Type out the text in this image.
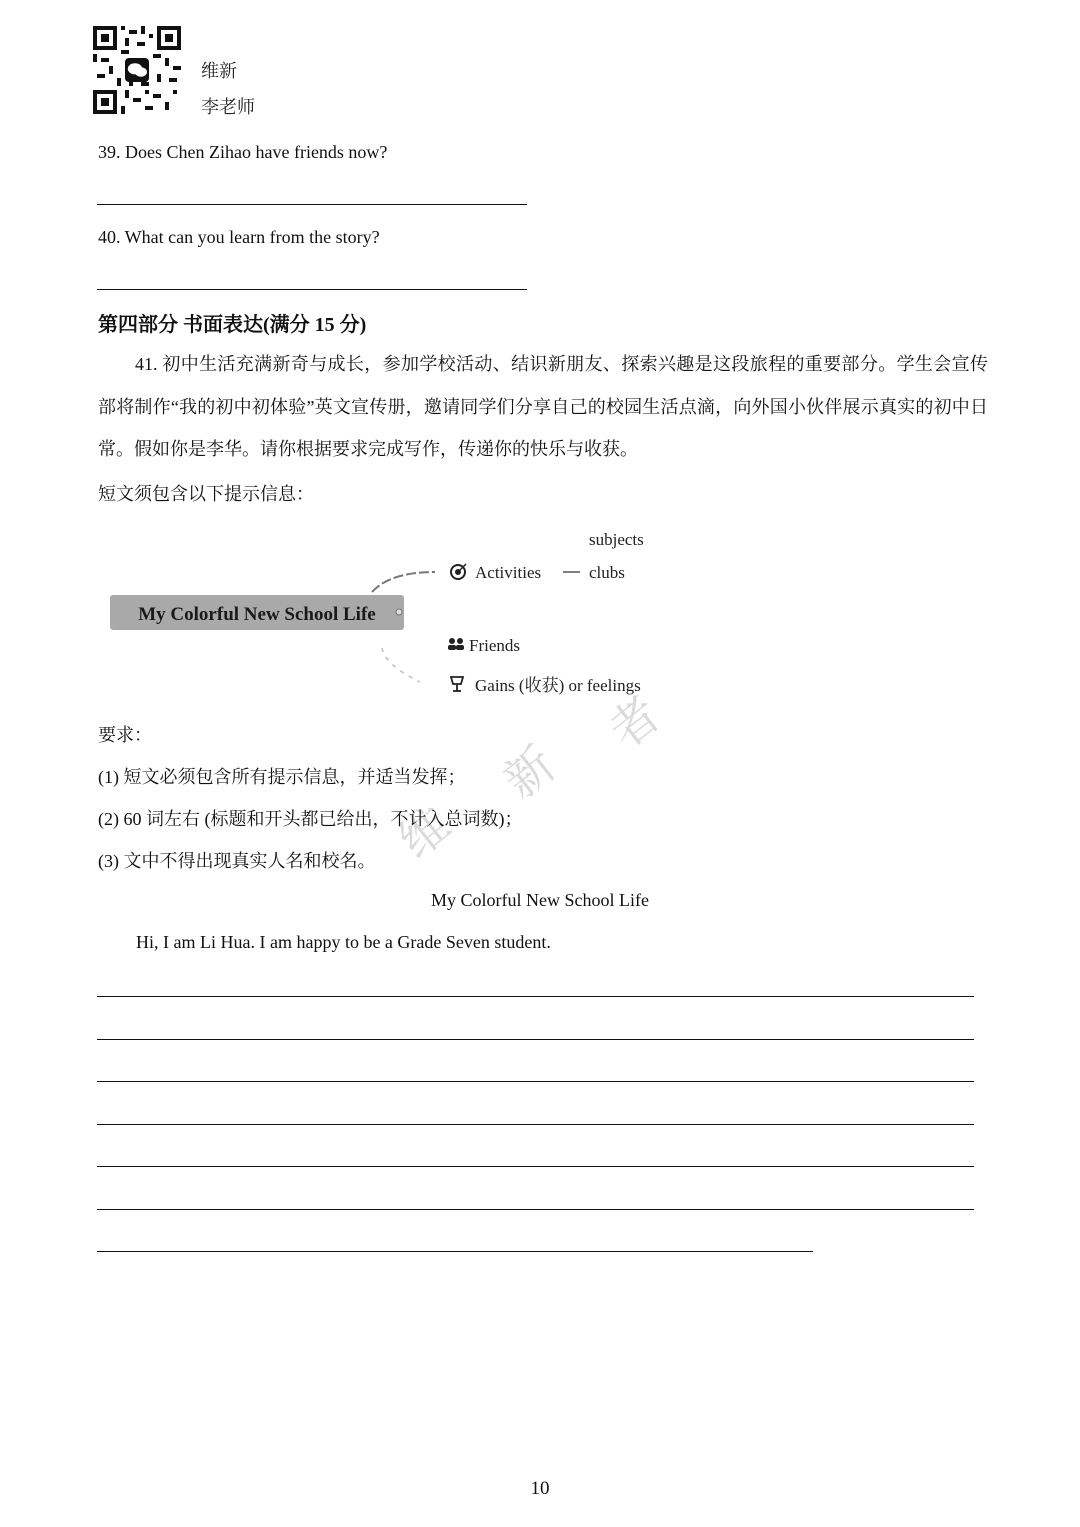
维新
李老师
39. Does Chen Zihao have friends now?
40. What can you learn from the story?
第四部分 书面表达(满分 15 分)
41. 初中生活充满新奇与成长，参加学校活动、结识新朋友、探索兴趣是这段旅程的重要部分。学生会宣传部将制作“我的初中初体验”英文宣传册，邀请同学们分享自己的校园生活点滴，向外国小伙伴展示真实的初中日常。假如你是李华。请你根据要求完成写作，传递你的快乐与收获。
短文须包含以下提示信息：
My Colorful New School Life
Activities
subjects
clubs
Friends
Gains (收获) or feelings
维
新
者
要求：
(1) 短文必须包含所有提示信息，并适当发挥；
(2) 60 词左右 (标题和开头都已给出，不计入总词数)；
(3) 文中不得出现真实人名和校名。
My Colorful New School Life
Hi, I am Li Hua. I am happy to be a Grade Seven student.
10
